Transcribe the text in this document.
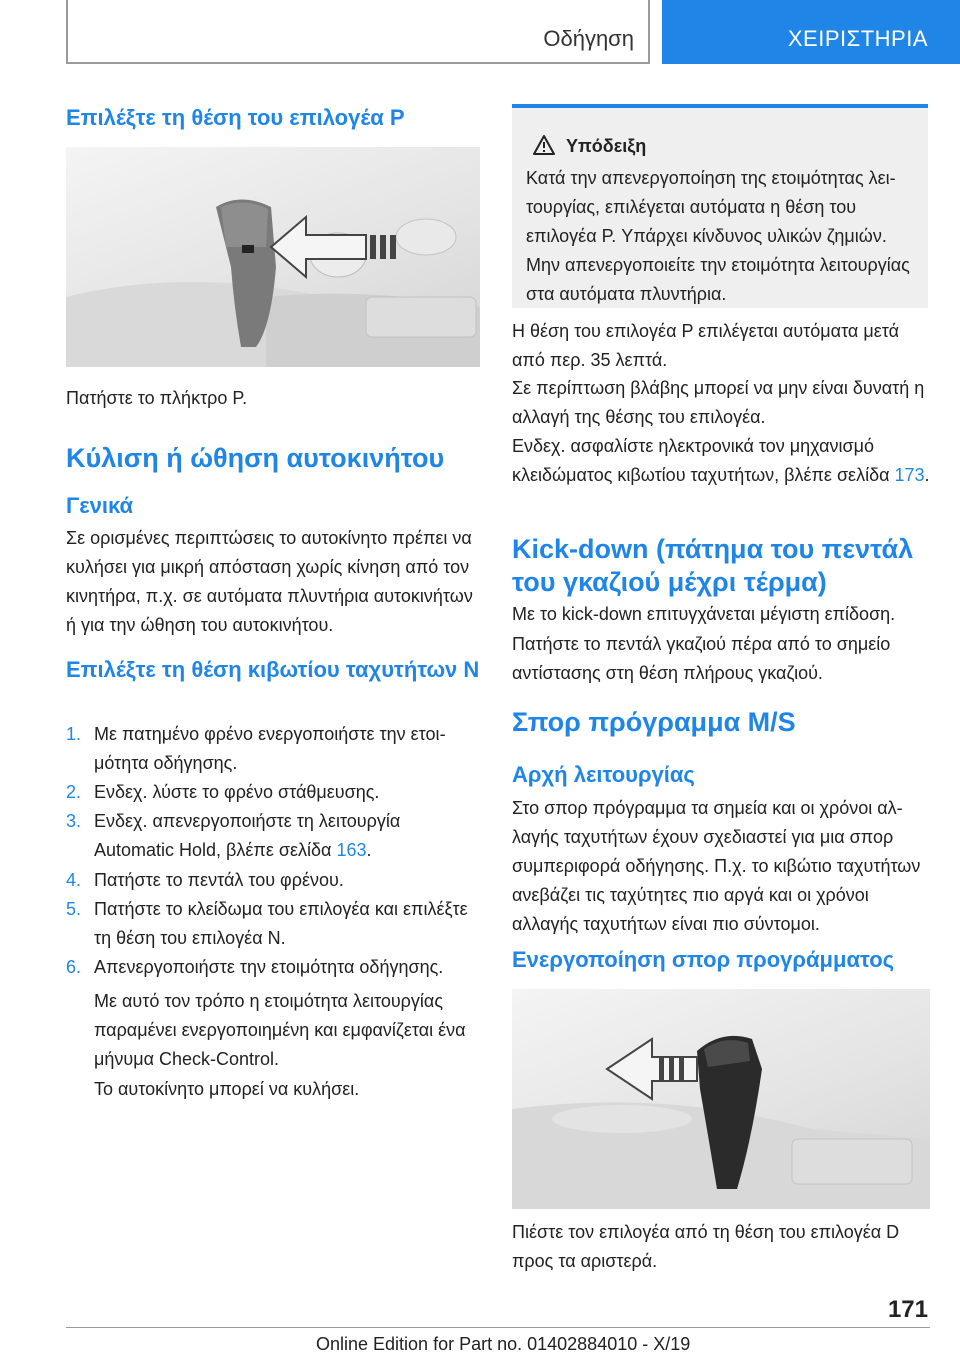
Οδήγηση	ΧΕΙΡΙΣΤΗΡΙΑ
Επιλέξτε τη θέση του επιλογέα P

Πατήστε το πλήκτρο P.

Κύλιση ή ώθηση αυτοκινήτου
Γενικά

Σε ορισμένες περιπτώσεις το αυτοκίνητο πρέπει να κυλήσει για μικρή απόσταση χωρίς κίνηση από τον κινητήρα, π.χ. σε αυτόματα πλυντήρια αυτοκινήτων ή για την ώθηση του αυτοκινήτου.

Επιλέξτε τη θέση κιβωτίου ταχυτήτων N
1. Με πατημένο φρένο ενεργοποιήστε την ετοιμότητα οδήγησης.
2. Ενδεχ. λύστε το φρένο στάθμευσης.
3. Ενδεχ. απενεργοποιήστε τη λειτουργία Automatic Hold, βλέπε σελίδα 163.
4. Πατήστε το πεντάλ του φρένου.
5. Πατήστε το κλείδωμα του επιλογέα και επιλέξτε τη θέση του επιλογέα N.
6. Απενεργοποιήστε την ετοιμότητα οδήγησης.

Με αυτό τον τρόπο η ετοιμότητα λειτουργίας παραμένει ενεργοποιημένη και εμφανίζεται ένα μήνυμα Check-Control.

Το αυτοκίνητο μπορεί να κυλήσει.

Υπόδειξη

Κατά την απενεργοποίηση της ετοιμότητας λειτουργίας, επιλέγεται αυτόματα η θέση του επιλογέα P. Υπάρχει κίνδυνος υλικών ζημιών. Μην απενεργοποιείτε την ετοιμότητα λειτουργίας στα αυτόματα πλυντήρια.

Η θέση του επιλογέα P επιλέγεται αυτόματα μετά από περ. 35 λεπτά.

Σε περίπτωση βλάβης μπορεί να μην είναι δυνατή η αλλαγή της θέσης του επιλογέα.

Ενδεχ. ασφαλίστε ηλεκτρονικά τον μηχανισμό κλειδώματος κιβωτίου ταχυτήτων, βλέπε σελίδα 173.

Kick-down (πάτημα του πεντάλ του γκαζιού μέχρι τέρμα)

Με το kick-down επιτυγχάνεται μέγιστη επίδοση.

Πατήστε το πεντάλ γκαζιού πέρα από το σημείο αντίστασης στη θέση πλήρους γκαζιού.

Σπορ πρόγραμμα M/S
Αρχή λειτουργίας

Στο σπορ πρόγραμμα τα σημεία και οι χρόνοι αλλαγής ταχυτήτων έχουν σχεδιαστεί για μια σπορ συμπεριφορά οδήγησης. Π.χ. το κιβώτιο ταχυτήτων ανεβάζει τις ταχύτητες πιο αργά και οι χρόνοι αλλαγής ταχυτήτων είναι πιο σύντομοι.

Ενεργοποίηση σπορ προγράμματος

Πιέστε τον επιλογέα από τη θέση του επιλογέα D προς τα αριστερά.

171
Online Edition for Part no. 01402884010 - X/19
